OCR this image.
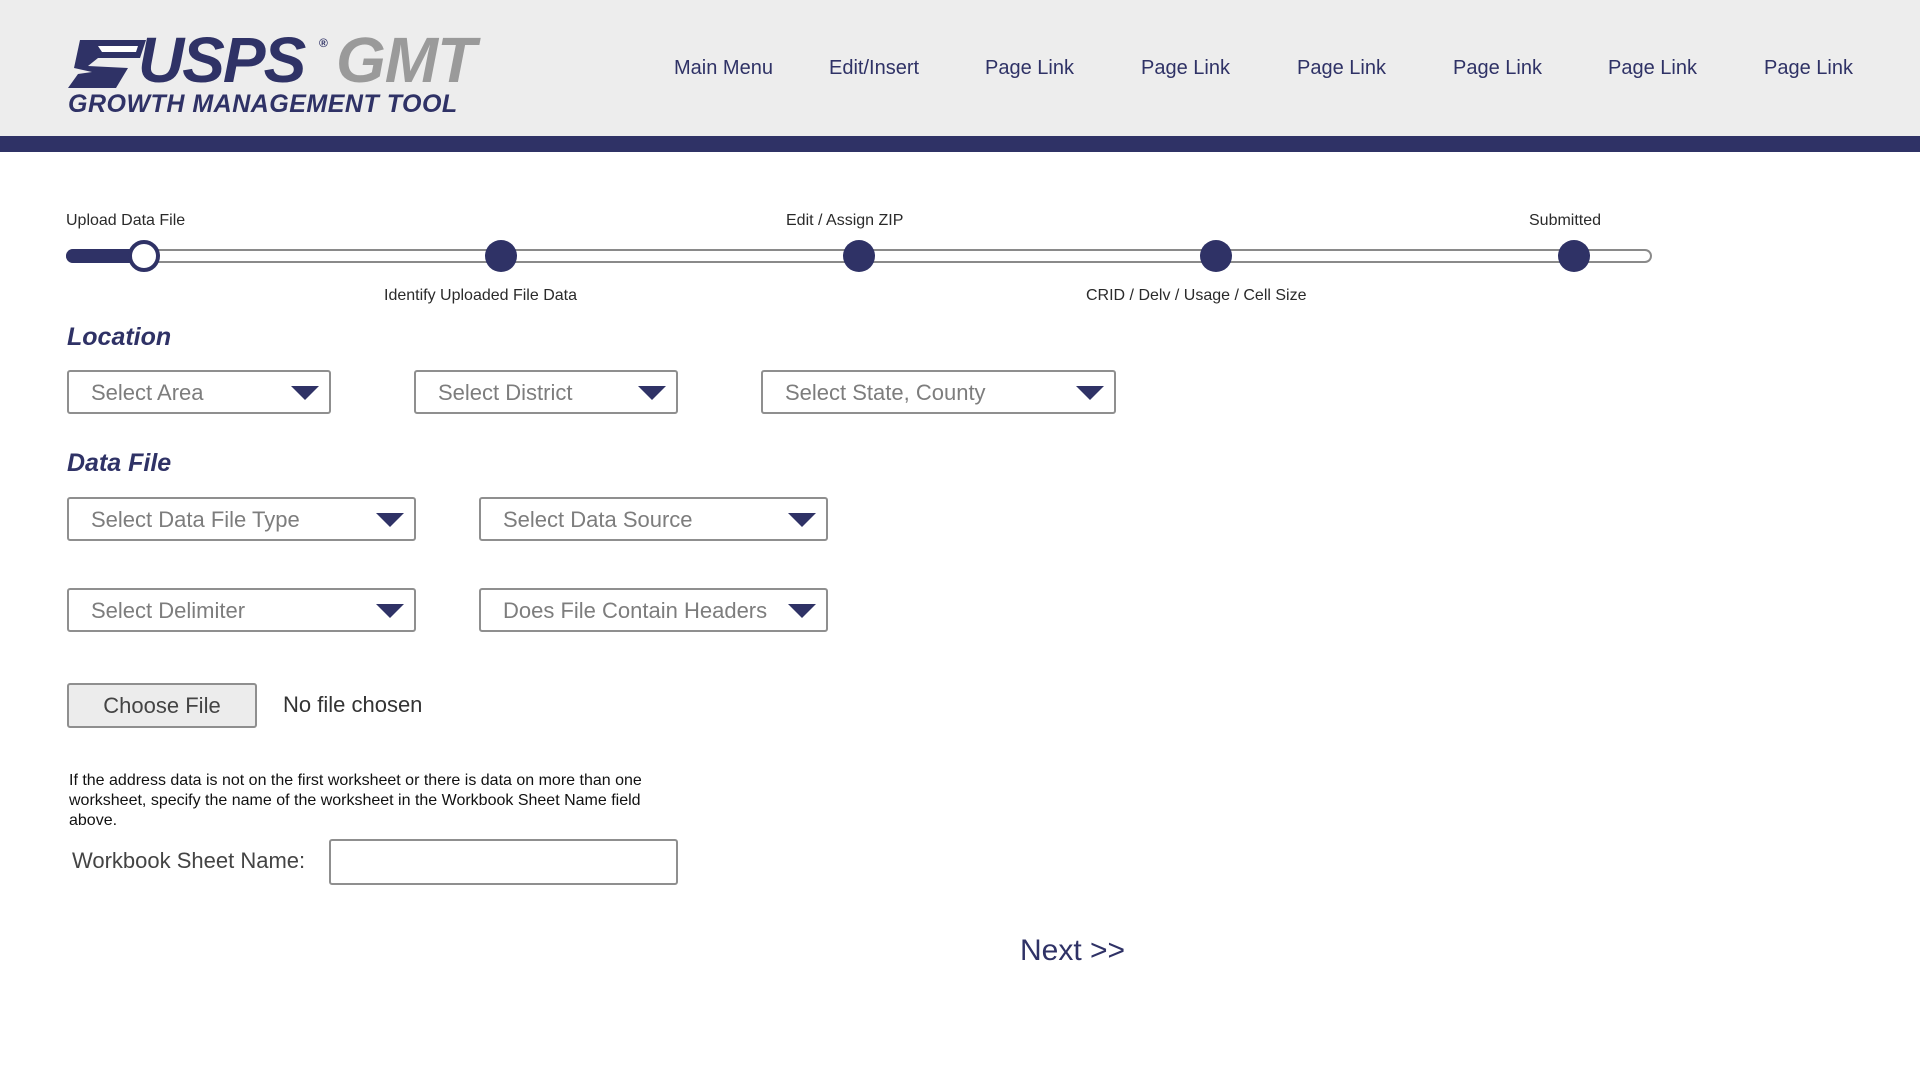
USPS ® GMT
GROWTH MANAGEMENT TOOL
Main Menu	Edit/Insert	Page Link	Page Link	Page Link	Page Link	Page Link	Page Link
Upload Data File	Edit / Assign ZIP	Submitted
Identify Uploaded File Data	CRID / Delv / Usage / Cell Size
Location
Select Area	Select District	Select State, County
Data File
Select Data File Type	Select Data Source
Select Delimiter	Does File Contain Headers
Choose File	No file chosen
If the address data is not on the first worksheet or there is data on more than one worksheet, specify the name of the worksheet in the Workbook Sheet Name field above.
Workbook Sheet Name:
Next >>
